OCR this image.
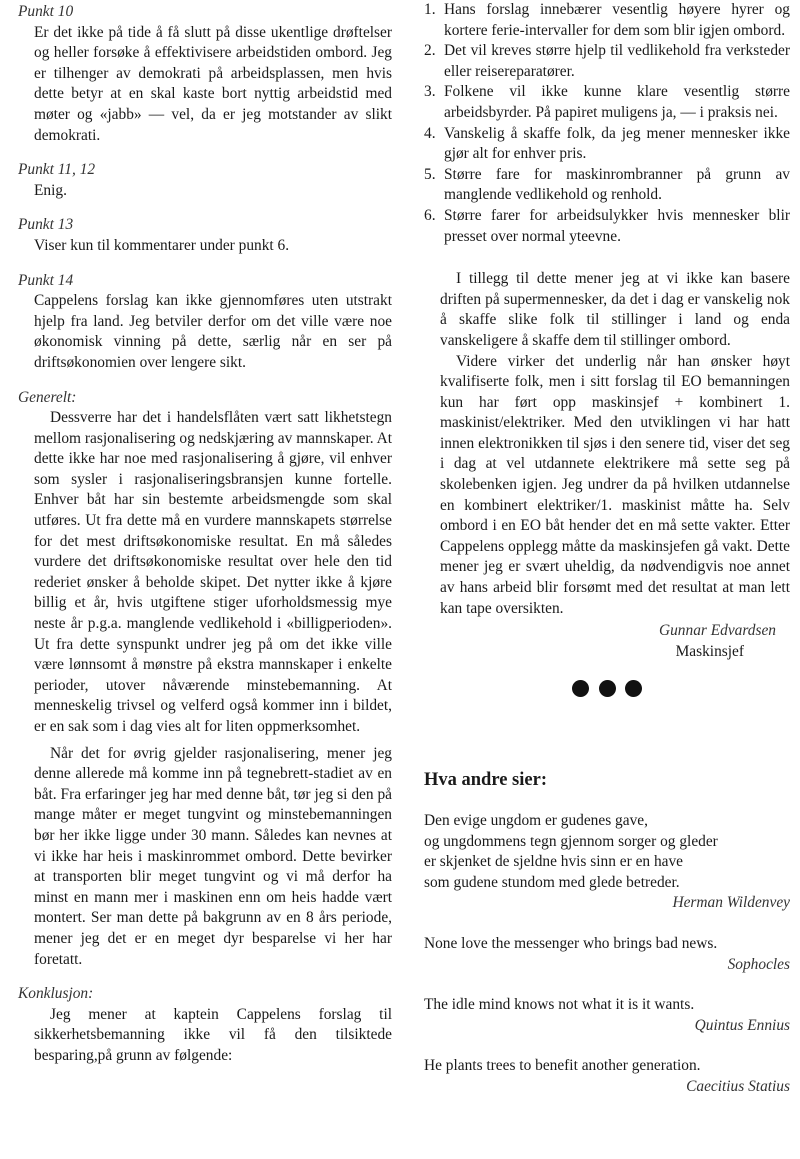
Punkt 10

Er det ikke på tide å få slutt på disse ukentlige drøftelser og heller forsøke å effektivisere arbeidstiden ombord. Jeg er tilhenger av demokrati på arbeidsplassen, men hvis dette betyr at en skal kaste bort nyttig arbeidstid med møter og «jabb» — vel, da er jeg motstander av slikt demokrati.

Punkt 11, 12

Enig.

Punkt 13

Viser kun til kommentarer under punkt 6.

Punkt 14

Cappelens forslag kan ikke gjennomføres uten utstrakt hjelp fra land. Jeg betviler derfor om det ville være noe økonomisk vinning på dette, særlig når en ser på driftsøkonomien over lengere sikt.

Generelt:

Dessverre har det i handelsflåten vært satt likhetstegn mellom rasjonalisering og nedskjæring av mannskaper. At dette ikke har noe med rasjonalisering å gjøre, vil enhver som sysler i rasjonaliseringsbransjen kunne fortelle. Enhver båt har sin bestemte arbeidsmengde som skal utføres. Ut fra dette må en vurdere mannskapets størrelse for det mest driftsøkonomiske resultat. En må således vurdere det driftsøkonomiske resultat over hele den tid rederiet ønsker å beholde skipet. Det nytter ikke å kjøre billig et år, hvis utgiftene stiger uforholdsmessig mye neste år p.g.a. manglende vedlikehold i «billigperioden». Ut fra dette synspunkt undrer jeg på om det ikke ville være lønnsomt å mønstre på ekstra mannskaper i enkelte perioder, utover nåværende minstebemanning. At menneskelig trivsel og velferd også kommer inn i bildet, er en sak som i dag vies alt for liten oppmerksomhet.

Når det for øvrig gjelder rasjonalisering, mener jeg denne allerede må komme inn på tegnebrett-stadiet av en båt. Fra erfaringer jeg har med denne båt, tør jeg si den på mange måter er meget tungvint og minstebemanningen bør her ikke ligge under 30 mann. Således kan nevnes at vi ikke har heis i maskinrommet ombord. Dette bevirker at transporten blir meget tungvint og vi må derfor ha minst en mann mer i maskinen enn om heis hadde vært montert. Ser man dette på bakgrunn av en 8 års periode, mener jeg det er en meget dyr besparelse vi her har foretatt.

Konklusjon:

Jeg mener at kaptein Cappelens forslag til sikkerhetsbemanning ikke vil få den tilsiktede besparing,på grunn av følgende:

1. Hans forslag innebærer vesentlig høyere hyrer og kortere ferie-intervaller for dem som blir igjen ombord.
2. Det vil kreves større hjelp til vedlikehold fra verksteder eller reisereparatører.
3. Folkene vil ikke kunne klare vesentlig større arbeidsbyrder. På papiret muligens ja, — i praksis nei.
4. Vanskelig å skaffe folk, da jeg mener mennesker ikke gjør alt for enhver pris.
5. Større fare for maskinrombranner på grunn av manglende vedlikehold og renhold.
6. Større farer for arbeidsulykker hvis mennesker blir presset over normal yteevne.

I tillegg til dette mener jeg at vi ikke kan basere driften på supermennesker, da det i dag er vanskelig nok å skaffe slike folk til stillinger i land og enda vanskeligere å skaffe dem til stillinger ombord.

Videre virker det underlig når han ønsker høyt kvalifiserte folk, men i sitt forslag til EO bemanningen kun har ført opp maskinsjef + kombinert 1. maskinist/elektriker. Med den utviklingen vi har hatt innen elektronikken til sjøs i den senere tid, viser det seg i dag at vel utdannete elektrikere må sette seg på skolebenken igjen. Jeg undrer da på hvilken utdannelse en kombinert elektriker/1. maskinist måtte ha. Selv ombord i en EO båt hender det en må sette vakter. Etter Cappelens opplegg måtte da maskinsjefen gå vakt. Dette mener jeg er svært uheldig, da nødvendigvis noe annet av hans arbeid blir forsømt med det resultat at man lett kan tape oversikten.

Gunnar Edvardsen

Maskinsjef

Hva andre sier:

Den evige ungdom er gudenes gave,

og ungdommens tegn gjennom sorger og gleder

er skjenket de sjeldne hvis sinn er en have

som gudene stundom med glede betreder.

Herman Wildenvey

None love the messenger who brings bad news.

Sophocles

The idle mind knows not what it is it wants.

Quintus Ennius

He plants trees to benefit another generation.

Caecitius Statius
